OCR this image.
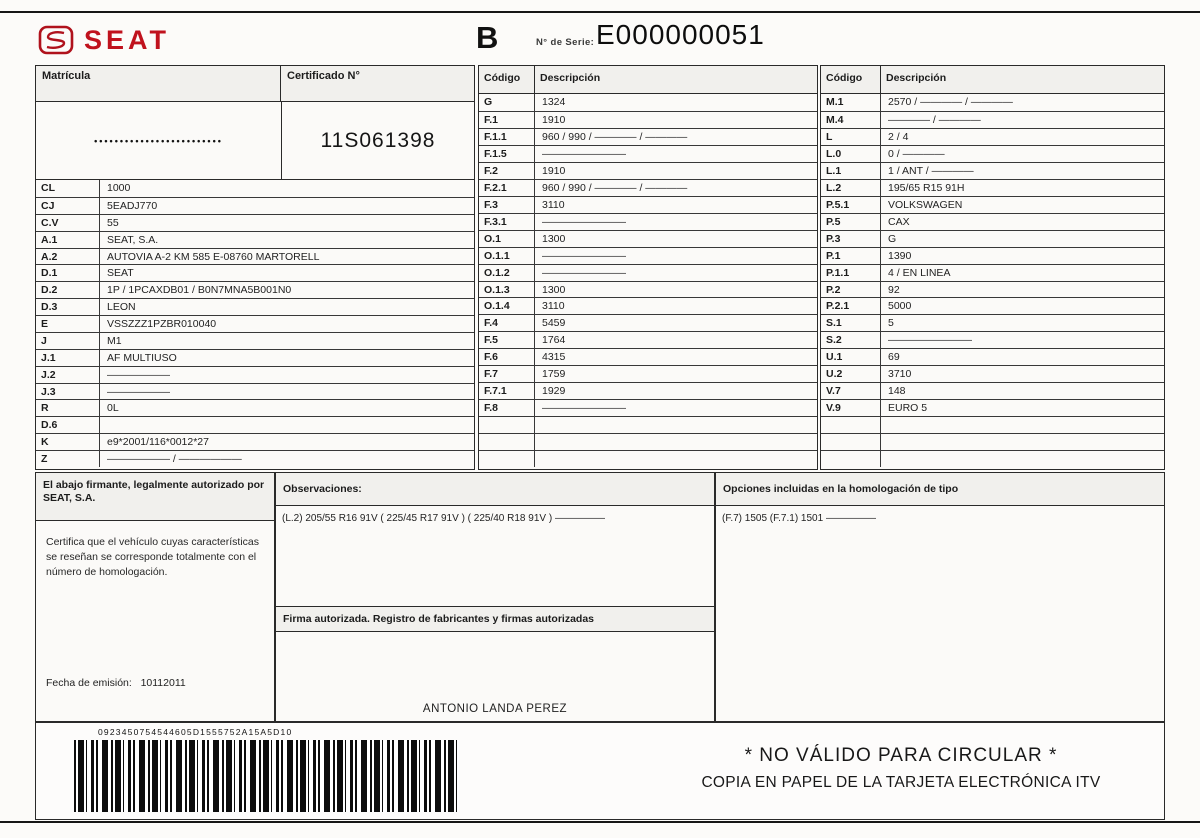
SEAT	B	N° de Serie: E000000051
Matrícula	Certificado N°
•••••••••••••••••••••••••	11S061398
CL	1000
CJ	5EADJ770
C.V	55
A.1	SEAT, S.A.
A.2	AUTOVIA A-2 KM 585 E-08760 MARTORELL
D.1	SEAT
D.2	1P / 1PCAXDB01 / B0N7MNA5B001N0
D.3	LEON
E	VSSZZZ1PZBR010040
J	M1
J.1	AF MULTIUSO
J.2	——————
J.3	——————
R	0L
D.6
K	e9*2001/116*0012*27
Z	—————— / ——————
Código	Descripción
G	1324
F.1	1910
F.1.1	960 / 990 / ———— / ————
F.1.5	————————
F.2	1910
F.2.1	960 / 990 / ———— / ————
F.3	3110
F.3.1	————————
O.1	1300
O.1.1	————————
O.1.2	————————
O.1.3	1300
O.1.4	3110
F.4	5459
F.5	1764
F.6	4315
F.7	1759
F.7.1	1929
F.8	————————
Código	Descripción
M.1	2570 / ———— / ————
M.4	———— / ————
L	2 / 4
L.0	0 / ————
L.1	1 / ANT / ————
L.2	195/65 R15 91H
P.5.1	VOLKSWAGEN
P.5	CAX
P.3	G
P.1	1390
P.1.1	4 / EN LINEA
P.2	92
P.2.1	5000
S.1	5
S.2	————————
U.1	69
U.2	3710
V.7	148
V.9	EURO 5
El abajo firmante, legalmente autorizado por SEAT, S.A.
Certifica que el vehículo cuyas características se reseñan se corresponde totalmente con el número de homologación.
Fecha de emisión: 10112011
Observaciones:
(L.2) 205/55 R16 91V ( 225/45 R17 91V ) ( 225/40 R18 91V ) —————
Firma autorizada. Registro de fabricantes y firmas autorizadas
ANTONIO LANDA PEREZ
Opciones incluidas en la homologación de tipo
(F.7) 1505 (F.7.1) 1501 —————
0923450754544605D1555752A15A5D10
* NO VÁLIDO PARA CIRCULAR *
COPIA EN PAPEL DE LA TARJETA ELECTRÓNICA ITV
